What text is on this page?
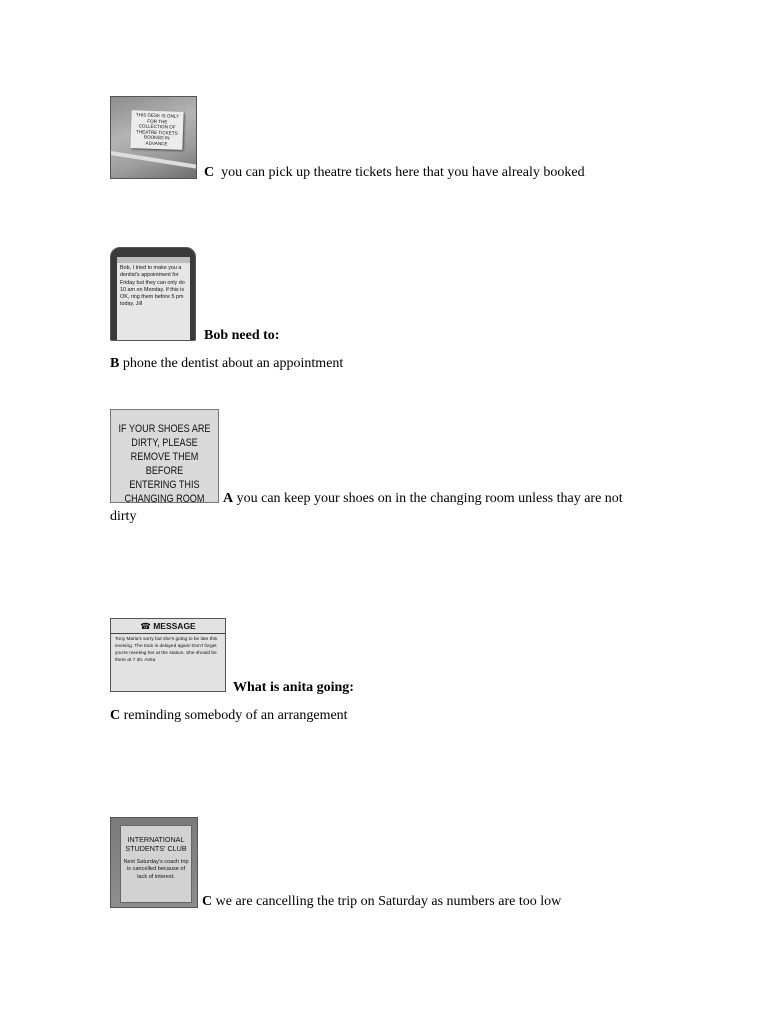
THIS DESK IS ONLY FOR THE COLLECTION OF THEATRE TICKETS BOOKED IN ADVANCE
C you can pick up theatre tickets here that you have alrealy booked
Bob, I tried to make you a dentist's appointment for Friday but they can only do 10 am on Monday. If this is OK, ring them before 5 pm today. Jill
Bob need to:
B phone the dentist about an appointment
IF YOUR SHOES ARE
DIRTY, PLEASE
REMOVE THEM BEFORE
ENTERING THIS
CHANGING ROOM	A you can keep your shoes on in the changing room unless thay are not
dirty
☎ MESSAGE
Tony Maria's sorry but she's going to be late this evening. The train is delayed again! Don't forget you're meeting her at the station. She should be there at 7.30. Anita
What is anita going:
C reminding somebody of an arrangement
INTERNATIONAL STUDENTS' CLUB
Next Saturday's coach trip is cancelled because of lack of interest.
C we are cancelling the trip on Saturday as numbers are too low
